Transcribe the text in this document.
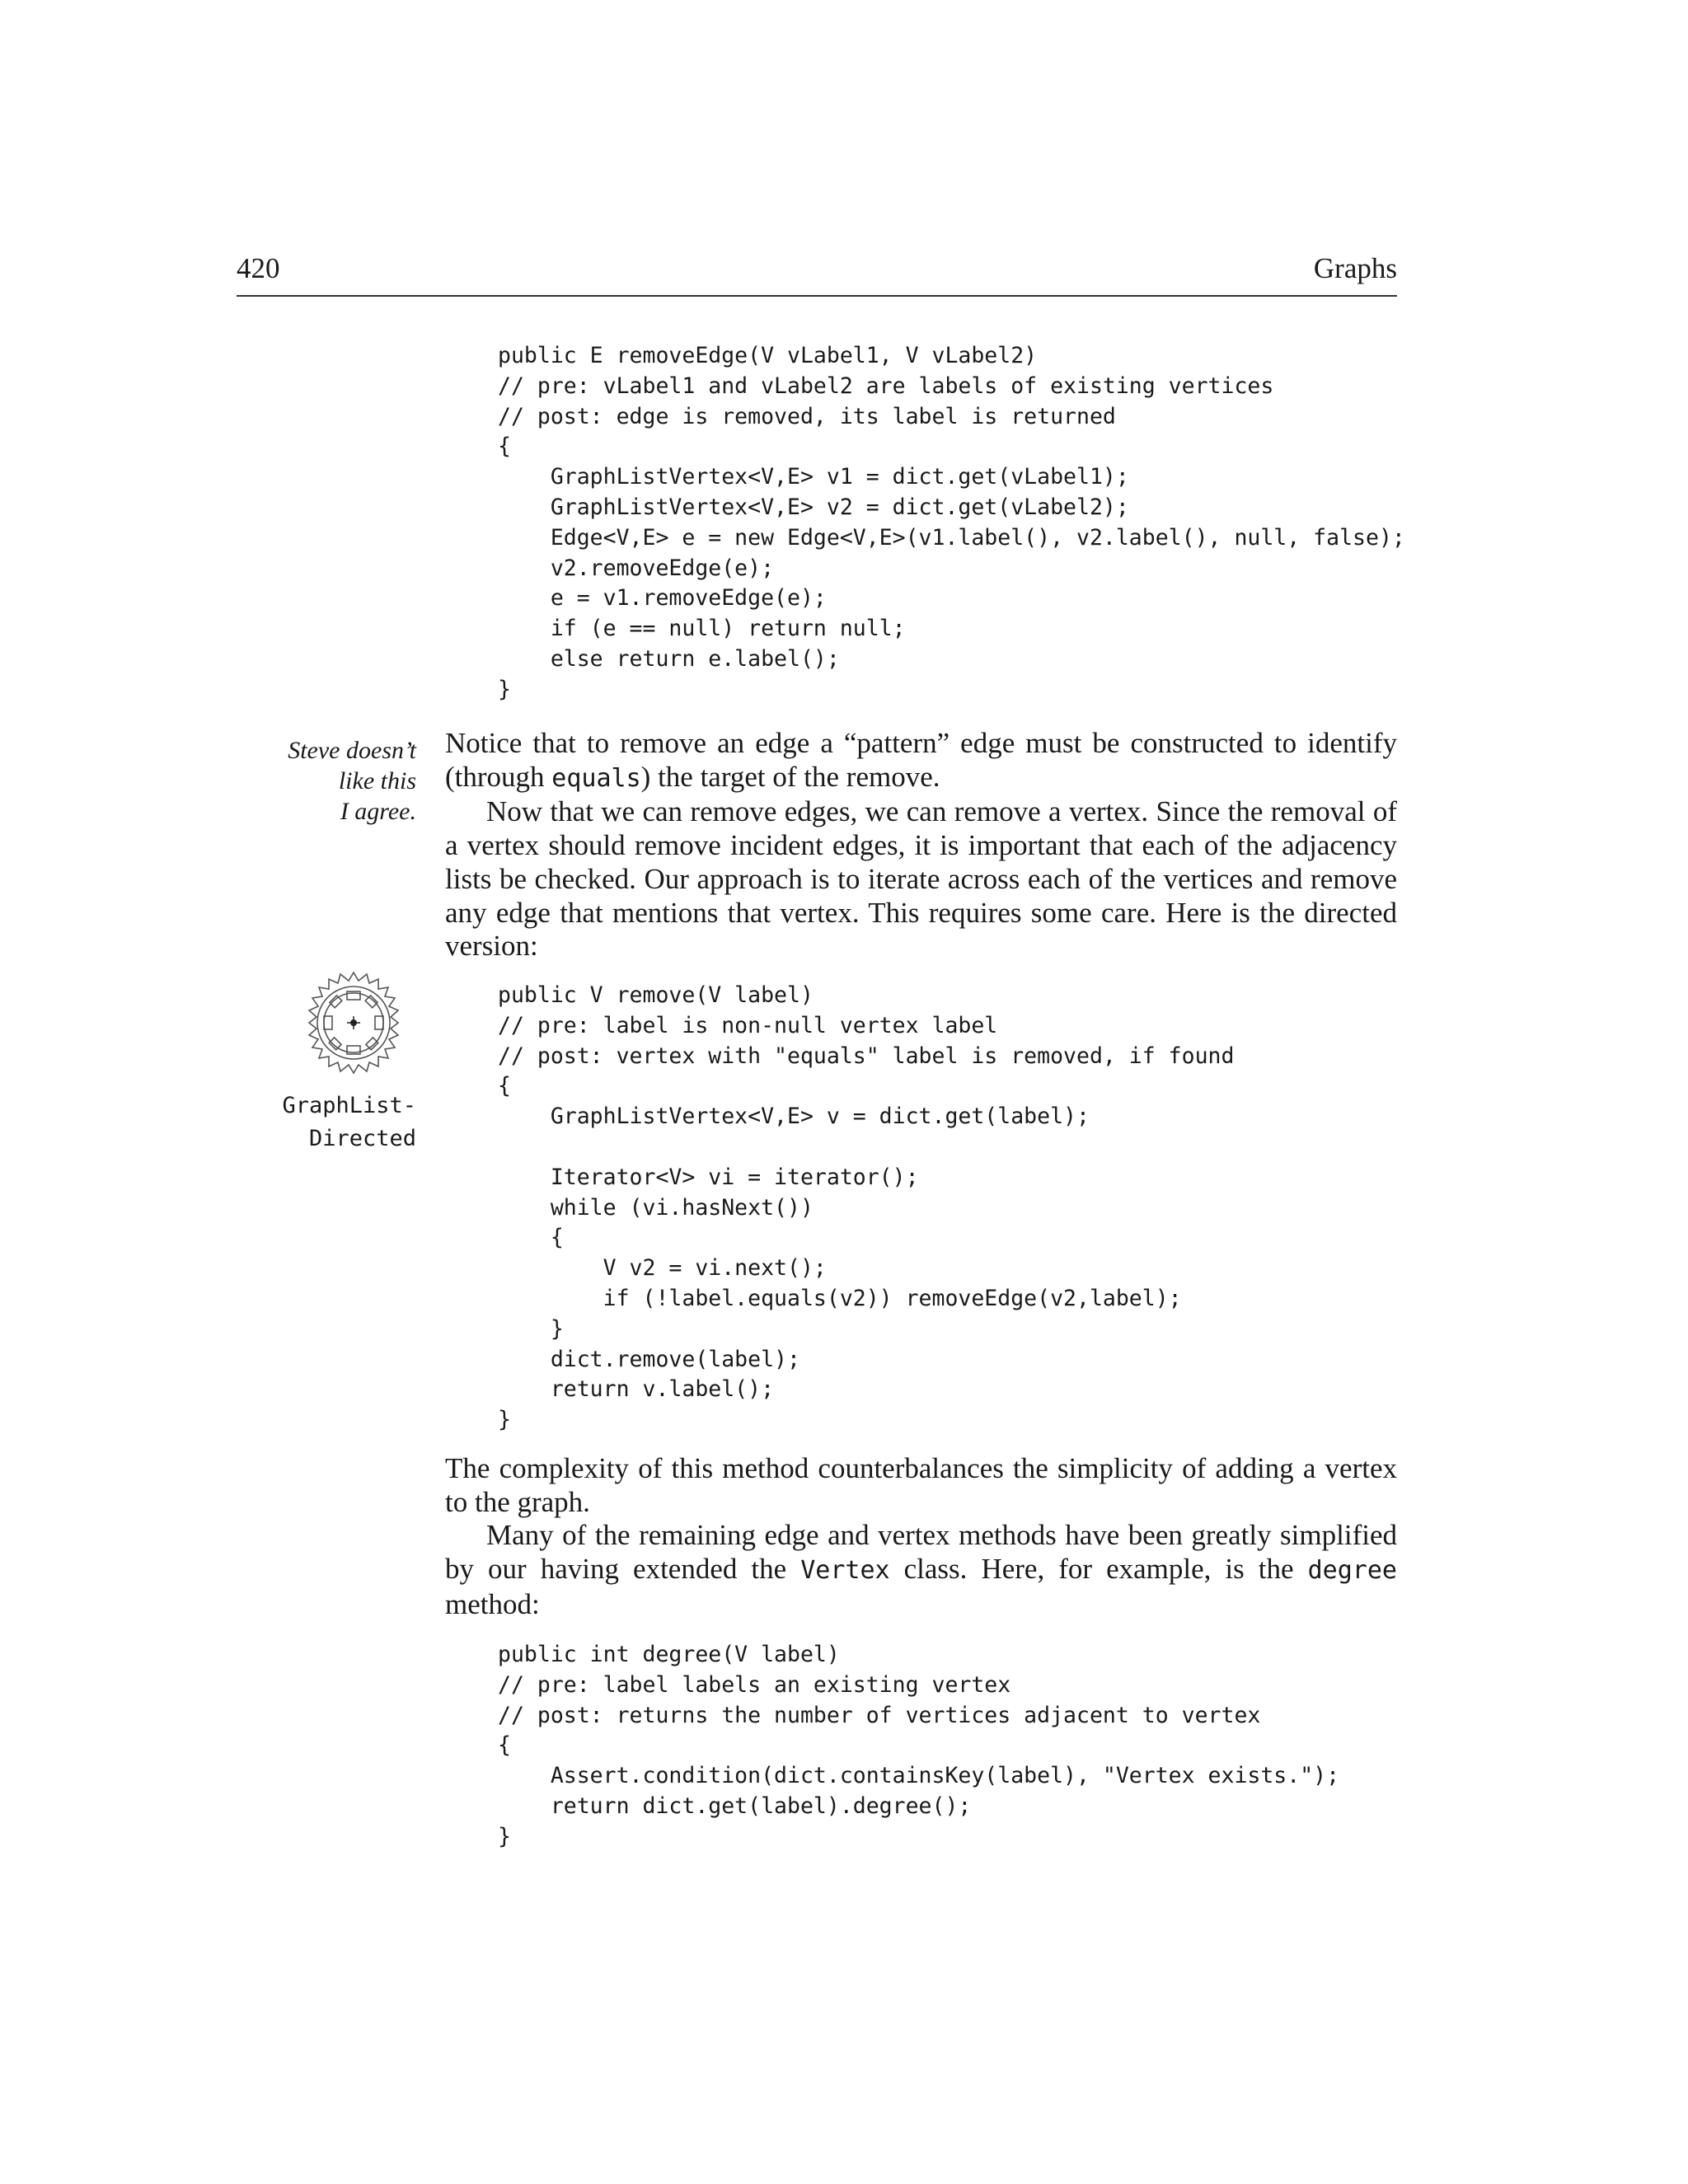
420	Graphs
public E removeEdge(V vLabel1, V vLabel2)
// pre: vLabel1 and vLabel2 are labels of existing vertices
// post: edge is removed, its label is returned
{
GraphListVertex<V,E> v1 = dict.get(vLabel1);
GraphListVertex<V,E> v2 = dict.get(vLabel2);
Edge<V,E> e = new Edge<V,E>(v1.label(), v2.label(), null, false);
v2.removeEdge(e);
e = v1.removeEdge(e);
if (e == null) return null;
else return e.label();
}
Steve doesn’t
like this
I agree.

Notice that to remove an edge a “pattern” edge must be constructed to identify (through equals) the target of the remove.

Now that we can remove edges, we can remove a vertex. Since the removal of a vertex should remove incident edges, it is important that each of the adjacency lists be checked. Our approach is to iterate across each of the vertices and remove any edge that mentions that vertex. This requires some care. Here is the directed version:

GraphList-
Directed
public V remove(V label)
// pre: label is non-null vertex label
// post: vertex with "equals" label is removed, if found
{
GraphListVertex<V,E> v = dict.get(label);
Iterator<V> vi = iterator();
while (vi.hasNext())
{
V v2 = vi.next();
if (!label.equals(v2)) removeEdge(v2,label);
}
dict.remove(label);
return v.label();
}

The complexity of this method counterbalances the simplicity of adding a vertex to the graph.

Many of the remaining edge and vertex methods have been greatly simplified by our having extended the Vertex class. Here, for example, is the degree method:

public int degree(V label)
// pre: label labels an existing vertex
// post: returns the number of vertices adjacent to vertex
{
Assert.condition(dict.containsKey(label), "Vertex exists.");
return dict.get(label).degree();
}
